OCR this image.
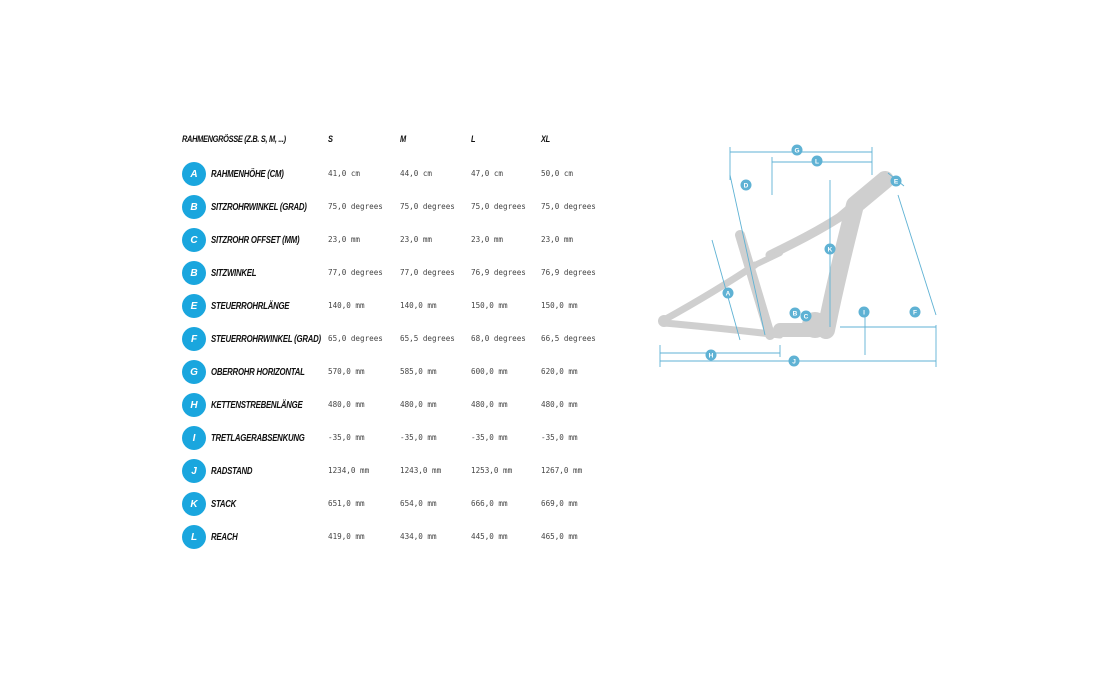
RAHMENGRÖSSE (Z.B. S, M, ...)	S	M	L	XL
A	RAHMENHÖHE (CM)	41,0 cm	44,0 cm	47,0 cm	50,0 cm
B	SITZROHRWINKEL (GRAD)	75,0 degrees 75,0 degrees 75,0 degrees 75,0 degrees
C	SITZROHR OFFSET (MM)	23,0 mm	23,0 mm	23,0 mm	23,0 mm
B	SITZWINKEL	77,0 degrees 77,0 degrees 76,9 degrees 76,9 degrees
E	STEUERROHRLÄNGE	140,0 mm	140,0 mm	150,0 mm	150,0 mm
F	STEUERROHRWINKEL (GRAD) 65,0 degrees 65,5 degrees 68,0 degrees 66,5 degrees
G	OBERROHR HORIZONTAL	570,0 mm	585,0 mm	600,0 mm	620,0 mm
H	KETTENSTREBENLÄNGE	480,0 mm	480,0 mm	480,0 mm	480,0 mm
I	TRETLAGERABSENKUNG	-35,0 mm	-35,0 mm	-35,0 mm	-35,0 mm
J	RADSTAND	1234,0 mm	1243,0 mm	1253,0 mm	1267,0 mm
K	STACK	651,0 mm	654,0 mm	666,0 mm	669,0 mm
L	REACH	419,0 mm	434,0 mm	445,0 mm	465,0 mm
G
L
D
E
K
A
C
B	I	F
H
J
